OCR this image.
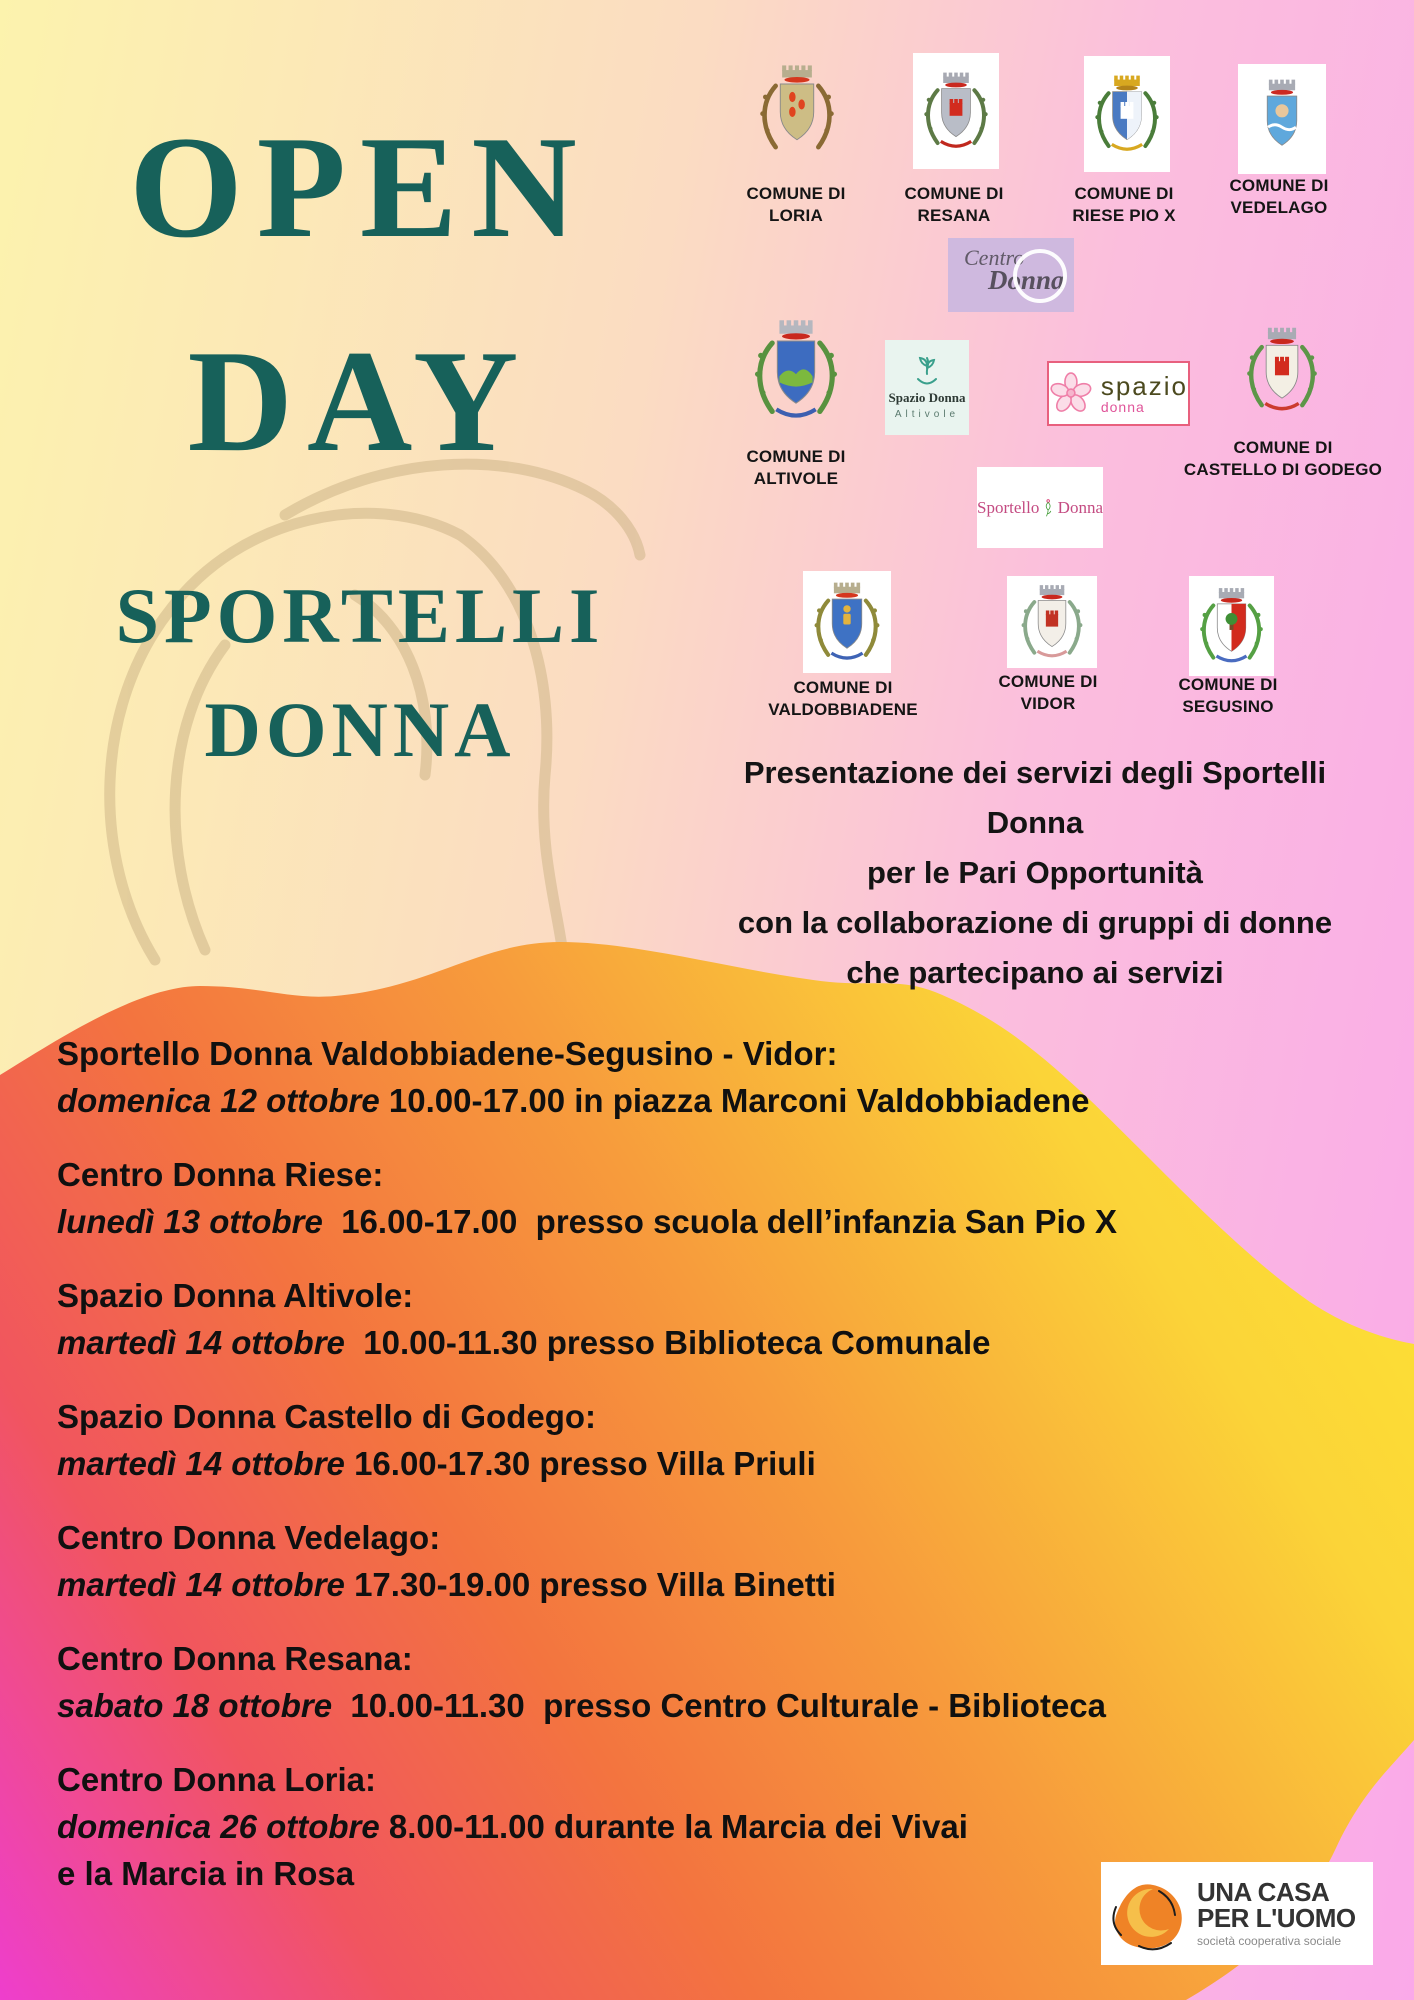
OPEN
DAY
SPORTELLI
DONNA
COMUNE DI
LORIA
COMUNE DI
RESANA
COMUNE DI
RIESE PIO X
COMUNE DI
VEDELAGO
COMUNE DI
ALTIVOLE
COMUNE DI
CASTELLO DI GODEGO
COMUNE DI
VALDOBBIADENE
COMUNE DI
VIDOR
COMUNE DI
SEGUSINO
Centro
Donna
Spazio Donna
Altivole
spazio
donna
Sportello Donna
Presentazione dei servizi degli Sportelli
Donna
per le Pari Opportunità
con la collaborazione di gruppi di donne
che partecipano ai servizi
Sportello Donna Valdobbiadene-Segusino - Vidor:
domenica 12 ottobre 10.00-17.00 in piazza Marconi Valdobbiadene
Centro Donna Riese:
lunedì 13 ottobre  16.00-17.00  presso scuola dell’infanzia San Pio X
Spazio Donna Altivole:
martedì 14 ottobre  10.00-11.30 presso Biblioteca Comunale
Spazio Donna Castello di Godego:
martedì 14 ottobre 16.00-17.30 presso Villa Priuli
Centro Donna Vedelago:
martedì 14 ottobre 17.30-19.00 presso Villa Binetti
Centro Donna Resana:
sabato 18 ottobre  10.00-11.30  presso Centro Culturale - Biblioteca
Centro Donna Loria:
domenica 26 ottobre 8.00-11.00 durante la Marcia dei Vivai
e la Marcia in Rosa	UNA CASA
PER L'UOMO
società cooperativa sociale
